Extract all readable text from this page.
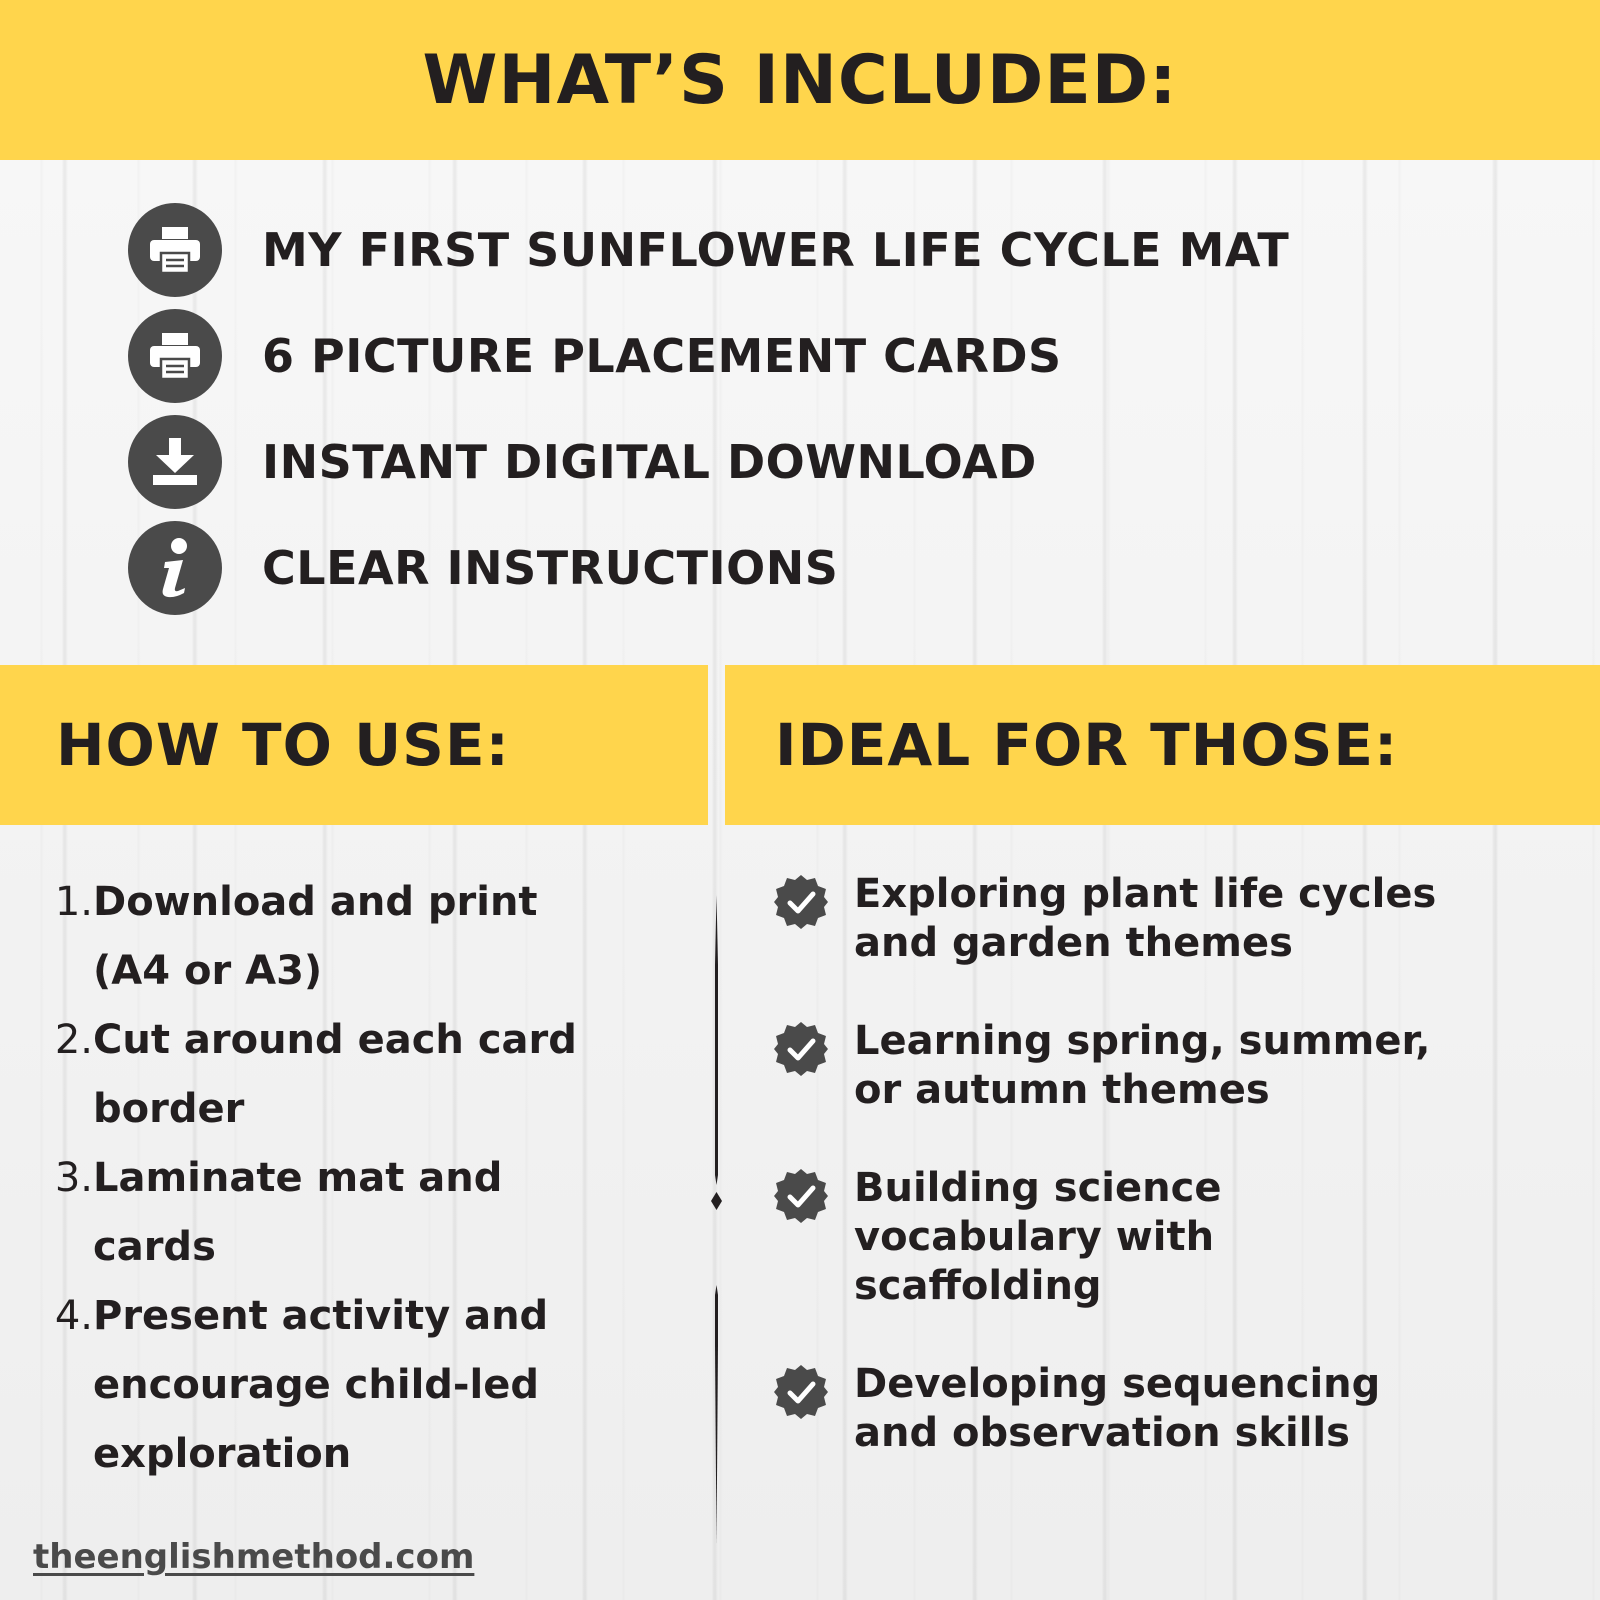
WHAT’S INCLUDED:
MY FIRST SUNFLOWER LIFE CYCLE MAT
6 PICTURE PLACEMENT CARDS
INSTANT DIGITAL DOWNLOAD
CLEAR INSTRUCTIONS
HOW TO USE:
1. Download and print
(A4 or A3)
2. Cut around each card
border
3. Laminate mat and
cards
4. Present activity and
encourage child-led
exploration
IDEAL FOR THOSE:
Exploring plant life cycles
and garden themes
Learning spring, summer,
or autumn themes
Building science
vocabulary with
scaffolding
Developing sequencing
and observation skills
theenglishmethod.com
